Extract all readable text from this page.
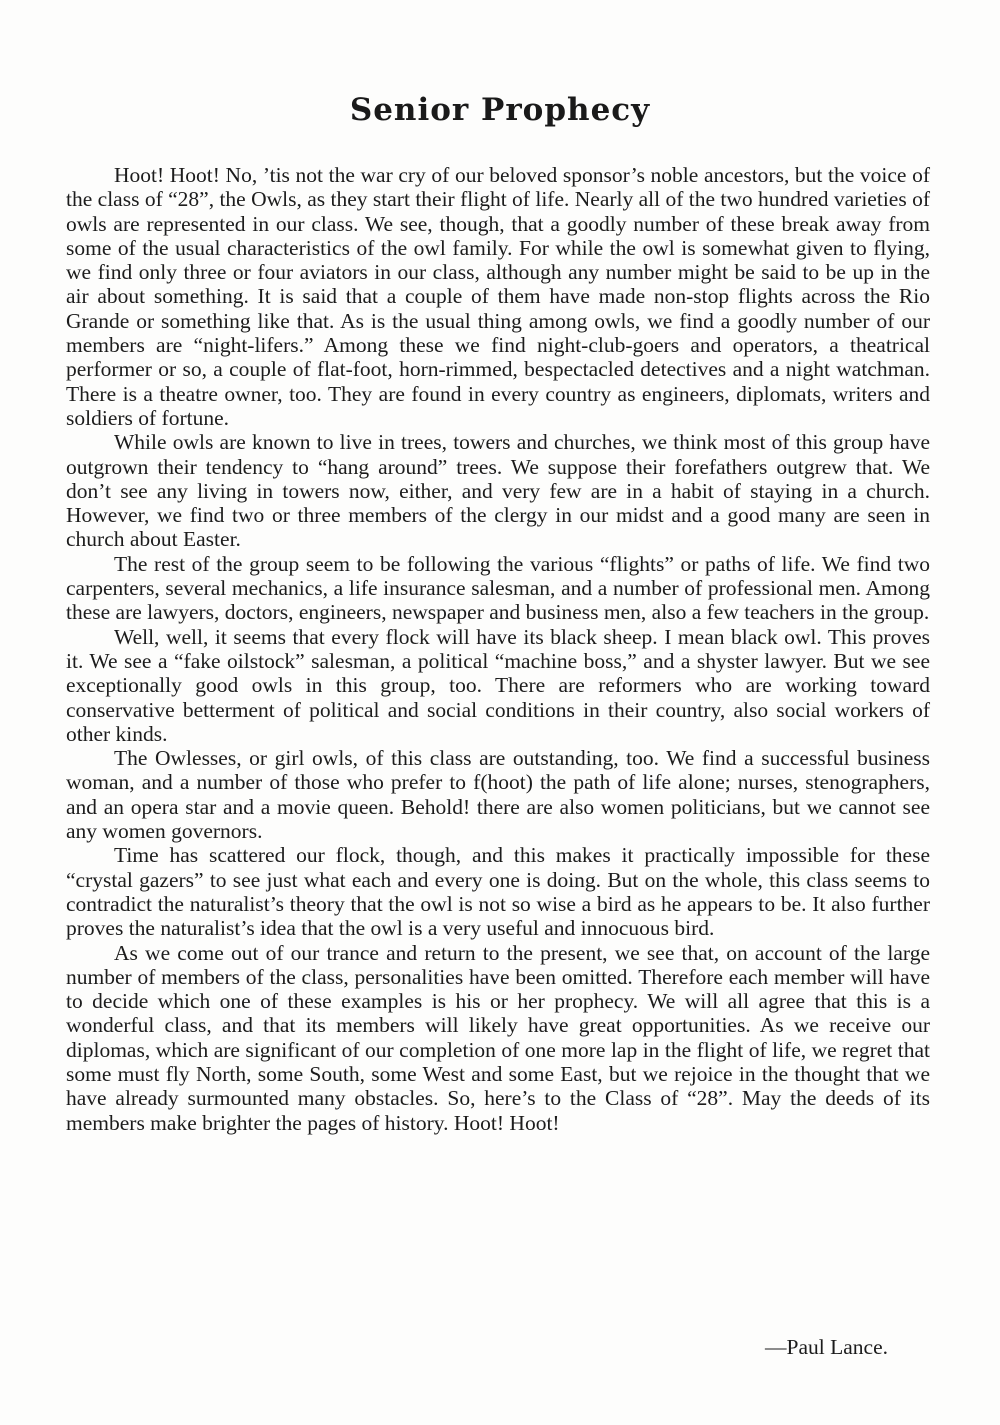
Senior Prophecy

Hoot! Hoot! No, ’tis not the war cry of our beloved sponsor’s noble ancestors, but the voice of the class of “28”, the Owls, as they start their flight of life. Nearly all of the two hundred varieties of owls are represented in our class. We see, though, that a goodly number of these break away from some of the usual characteristics of the owl family. For while the owl is somewhat given to flying, we find only three or four aviators in our class, although any number might be said to be up in the air about something. It is said that a couple of them have made non-stop flights across the Rio Grande or something like that. As is the usual thing among owls, we find a goodly number of our members are “night-lifers.” Among these we find night-club-goers and operators, a theatrical performer or so, a couple of flat-foot, horn-rimmed, bespectacled detectives and a night watchman. There is a theatre owner, too. They are found in every country as engineers, diplomats, writers and soldiers of fortune.

While owls are known to live in trees, towers and churches, we think most of this group have outgrown their tendency to “hang around” trees. We suppose their forefathers outgrew that. We don’t see any living in towers now, either, and very few are in a habit of staying in a church. However, we find two or three members of the clergy in our midst and a good many are seen in church about Easter.

The rest of the group seem to be following the various “flights” or paths of life. We find two carpenters, several mechanics, a life insurance salesman, and a number of professional men. Among these are lawyers, doctors, engineers, newspaper and business men, also a few teachers in the group.

Well, well, it seems that every flock will have its black sheep. I mean black owl. This proves it. We see a “fake oilstock” salesman, a political “machine boss,” and a shyster lawyer. But we see exceptionally good owls in this group, too. There are reformers who are working toward conservative betterment of political and social conditions in their country, also social workers of other kinds.

The Owlesses, or girl owls, of this class are outstanding, too. We find a successful business woman, and a number of those who prefer to f(hoot) the path of life alone; nurses, stenographers, and an opera star and a movie queen. Behold! there are also women politicians, but we cannot see any women governors.

Time has scattered our flock, though, and this makes it practically impossible for these “crystal gazers” to see just what each and every one is doing. But on the whole, this class seems to contradict the naturalist’s theory that the owl is not so wise a bird as he appears to be. It also further proves the naturalist’s idea that the owl is a very useful and innocuous bird.

As we come out of our trance and return to the present, we see that, on account of the large number of members of the class, personalities have been omitted. Therefore each member will have to decide which one of these examples is his or her prophecy. We will all agree that this is a wonderful class, and that its members will likely have great opportunities. As we receive our diplomas, which are significant of our completion of one more lap in the flight of life, we regret that some must fly North, some South, some West and some East, but we rejoice in the thought that we have already surmounted many obstacles. So, here’s to the Class of “28”. May the deeds of its members make brighter the pages of history. Hoot! Hoot!

—Paul Lance.
